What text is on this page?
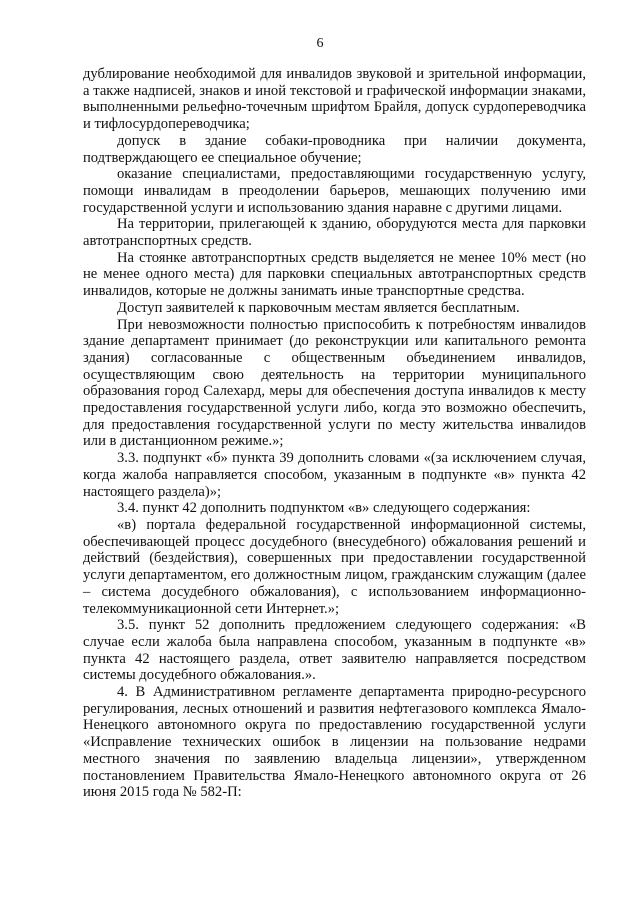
6

дублирование необходимой для инвалидов звуковой и зрительной информации, а также надписей, знаков и иной текстовой и графической информации знаками, выполненными рельефно-точечным шрифтом Брайля, допуск сурдопереводчика и тифлосурдопереводчика;

допуск в здание собаки-проводника при наличии документа, подтверждающего ее специальное обучение;

оказание специалистами, предоставляющими государственную услугу, помощи инвалидам в преодолении барьеров, мешающих получению ими государственной услуги и использованию здания наравне с другими лицами.

На территории, прилегающей к зданию, оборудуются места для парковки автотранспортных средств.

На стоянке автотранспортных средств выделяется не менее 10% мест (но не менее одного места) для парковки специальных автотранспортных средств инвалидов, которые не должны занимать иные транспортные средства.

Доступ заявителей к парковочным местам является бесплатным.

При невозможности полностью приспособить к потребностям инвалидов здание департамент принимает (до реконструкции или капитального ремонта здания) согласованные с общественным объединением инвалидов, осуществляющим свою деятельность на территории муниципального образования город Салехард, меры для обеспечения доступа инвалидов к месту предоставления государственной услуги либо, когда это возможно обеспечить, для предоставления государственной услуги по месту жительства инвалидов или в дистанционном режиме.»;

3.3. подпункт «б» пункта 39 дополнить словами «(за исключением случая, когда жалоба направляется способом, указанным в подпункте «в» пункта 42 настоящего раздела)»;

3.4. пункт 42 дополнить подпунктом «в» следующего содержания:

«в) портала федеральной государственной информационной системы, обеспечивающей процесс досудебного (внесудебного) обжалования решений и действий (бездействия), совершенных при предоставлении государственной услуги департаментом, его должностным лицом, гражданским служащим (далее – система досудебного обжалования), с использованием информационно-телекоммуникационной сети Интернет.»;

3.5. пункт 52 дополнить предложением следующего содержания: «В случае если жалоба была направлена способом, указанным в подпункте «в» пункта 42 настоящего раздела, ответ заявителю направляется посредством системы досудебного обжалования.».

4. В Административном регламенте департамента природно-ресурсного регулирования, лесных отношений и развития нефтегазового комплекса Ямало-Ненецкого автономного округа по предоставлению государственной услуги «Исправление технических ошибок в лицензии на пользование недрами местного значения по заявлению владельца лицензии», утвержденном постановлением Правительства Ямало-Ненецкого автономного округа от 26 июня 2015 года № 582-П:
